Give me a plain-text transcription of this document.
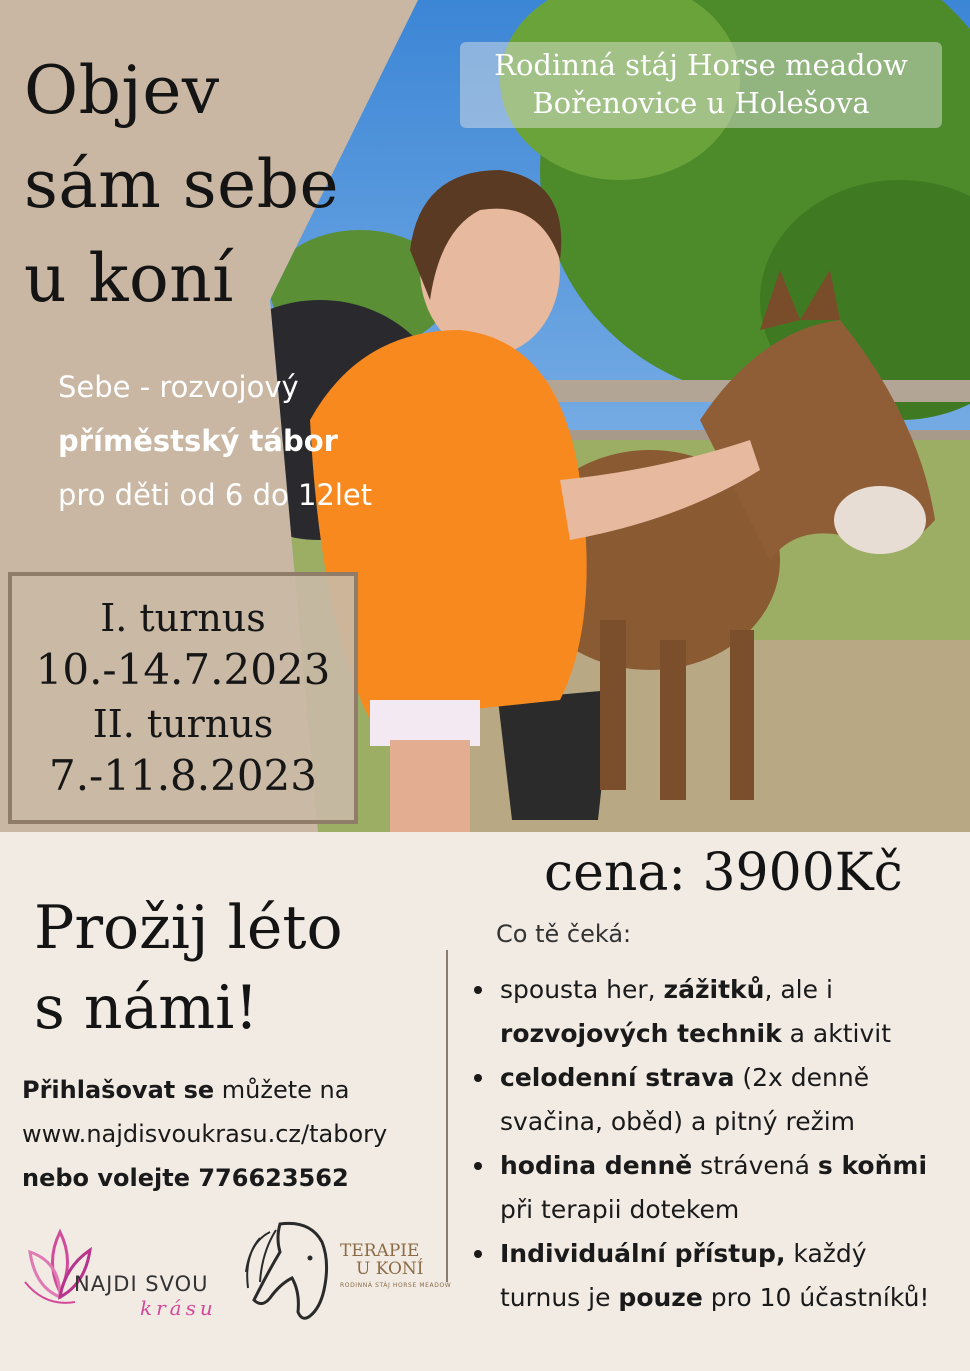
Objev
sám sebe
u koní
Rodinná stáj Horse meadow
Bořenovice u Holešova
Sebe - rozvojový
příměstský tábor
pro děti od 6 do 12let
I. turnus
10.-14.7.2023
II. turnus
7.-11.8.2023
cena: 3900Kč
Prožij léto
s námi!
Přihlašovat se můžete na
www.najdisvoukrasu.cz/tabory
nebo volejte 776623562
Co tě čeká:
spousta her, zážitků, ale i
rozvojových technik a aktivit
celodenní strava (2x denně
svačina, oběd) a pitný režim
hodina denně strávená s koňmi
při terapii dotekem
Individuální přístup, každý
turnus je pouze pro 10 účastníků!
NAJDI SVOU
krásu
TERAPIE
U KONÍ
RODINNÁ STÁJ HORSE MEADOW
